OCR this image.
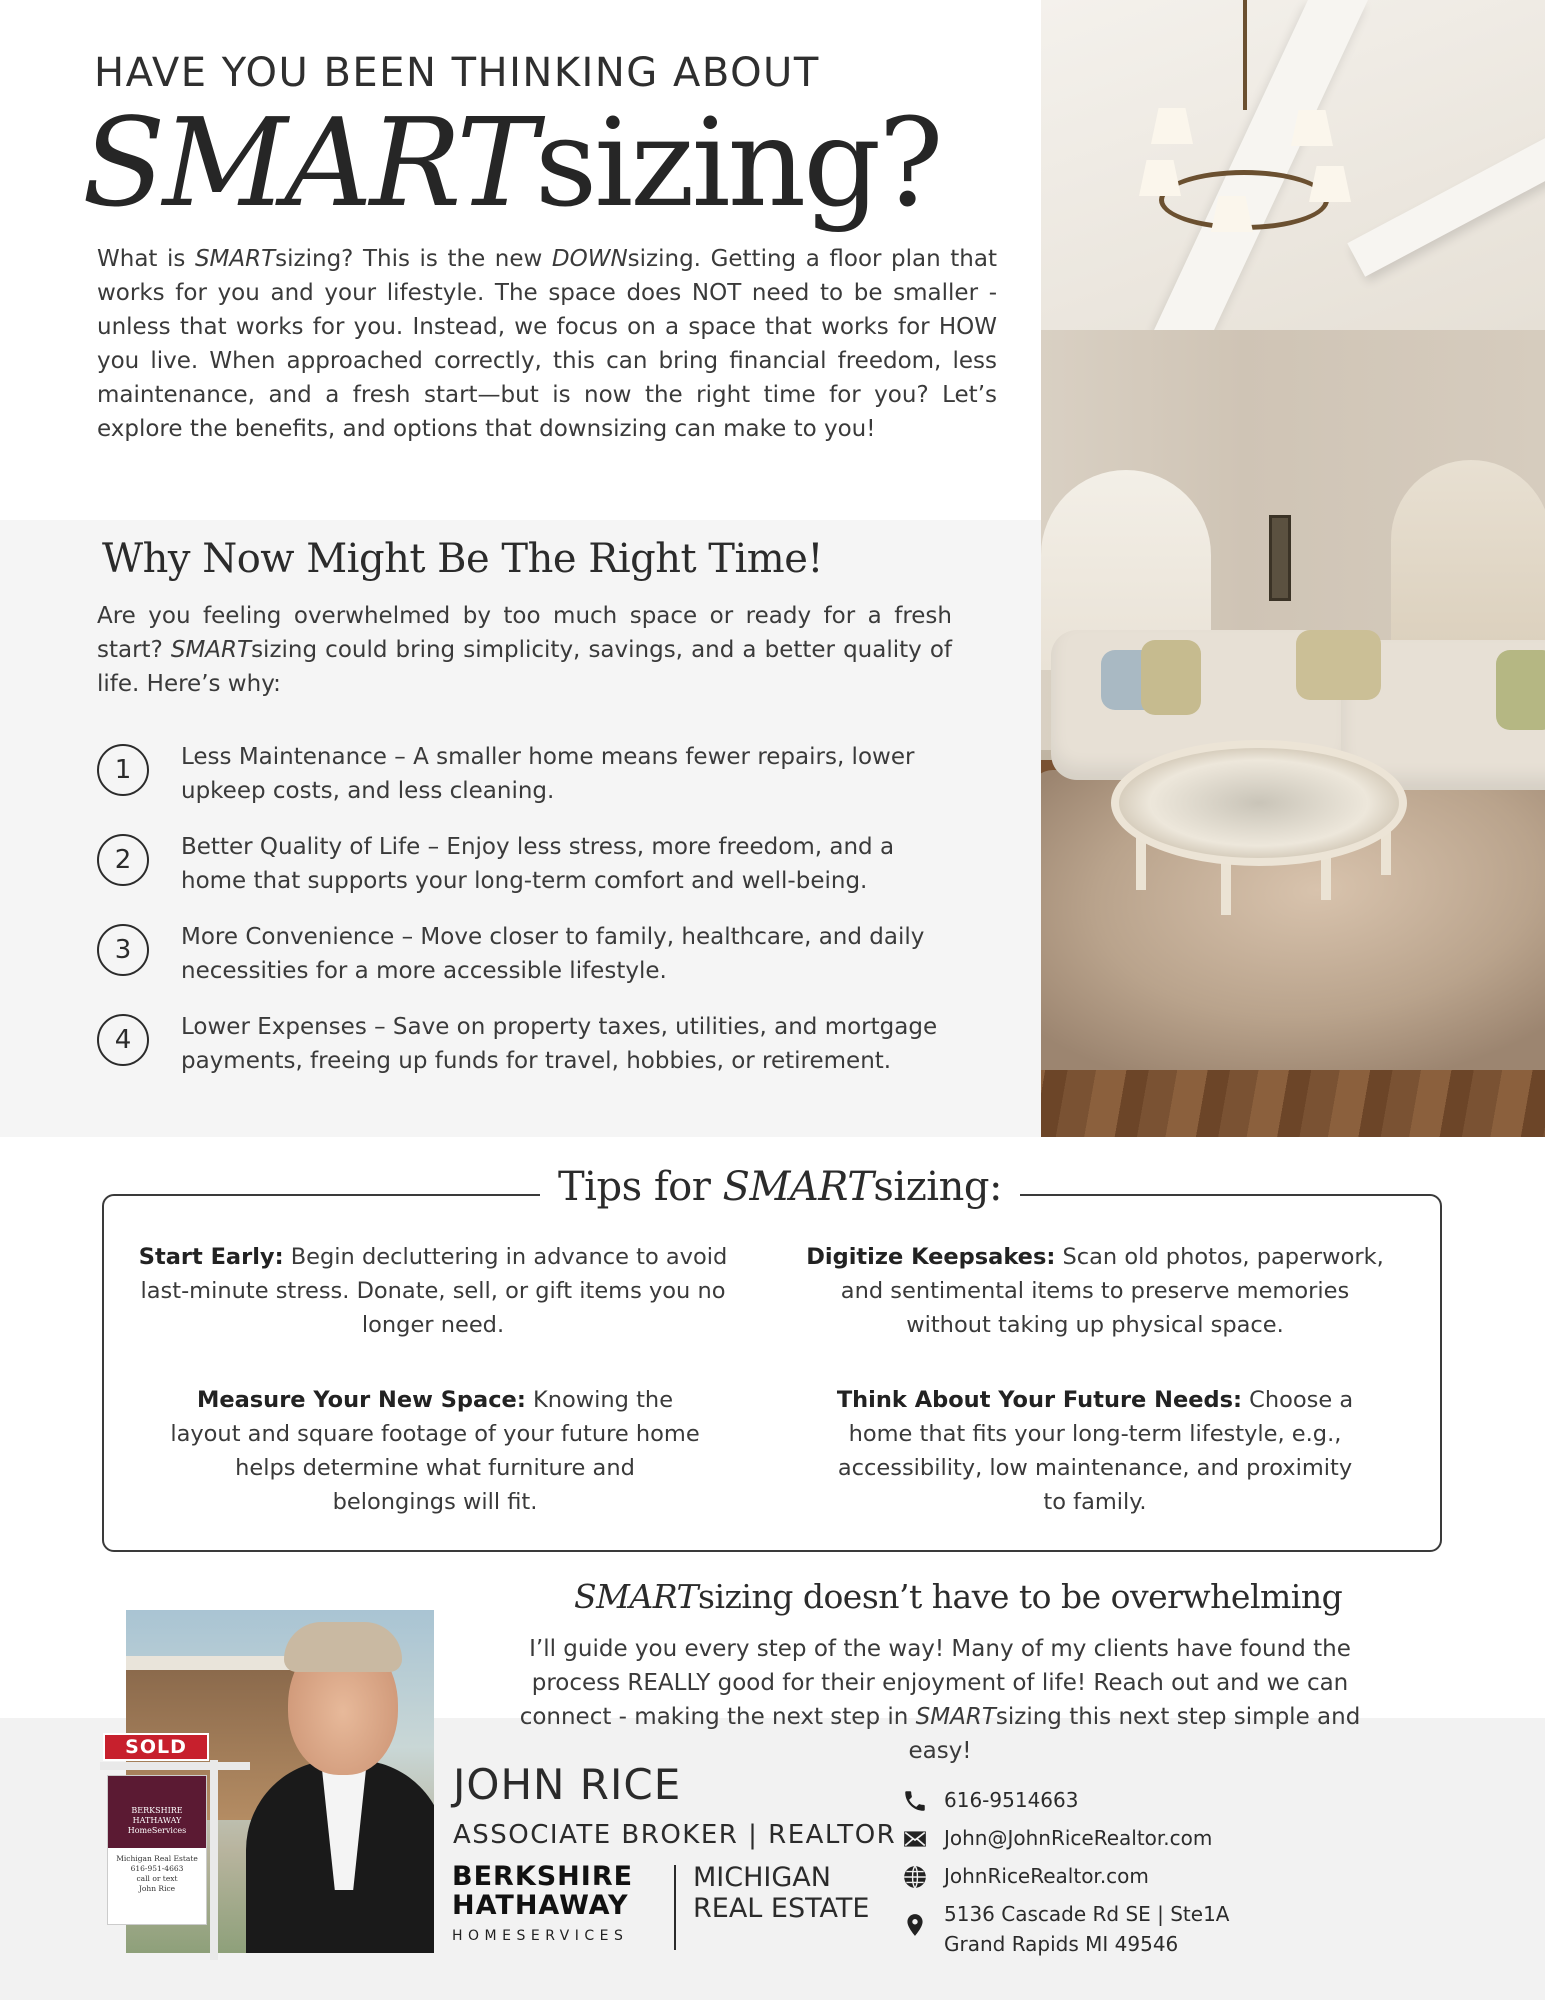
HAVE YOU BEEN THINKING ABOUT
SMARTsizing?
What is SMARTsizing? This is the new DOWNsizing. Getting a floor plan that works for you and your lifestyle. The space does NOT need to be smaller - unless that works for you. Instead, we focus on a space that works for HOW you live. When approached correctly, this can bring financial freedom, less maintenance, and a fresh start—but is now the right time for you? Let’s explore the benefits, and options that downsizing can make to you!
Why Now Might Be The Right Time!
Are you feeling overwhelmed by too much space or ready for a fresh start? SMARTsizing could bring simplicity, savings, and a better quality of life. Here’s why:
1	Less Maintenance – A smaller home means fewer repairs, lower upkeep costs, and less cleaning.
2	Better Quality of Life – Enjoy less stress, more freedom, and a home that supports your long-term comfort and well-being.
3	More Convenience – Move closer to family, healthcare, and daily necessities for a more accessible lifestyle.
4	Lower Expenses – Save on property taxes, utilities, and mortgage payments, freeing up funds for travel, hobbies, or retirement.
Tips for SMARTsizing:
Start Early: Begin decluttering in advance to avoid last-minute stress. Donate, sell, or gift items you no longer need.
Digitize Keepsakes: Scan old photos, paperwork, and sentimental items to preserve memories without taking up physical space.
Measure Your New Space: Knowing the layout and square footage of your future home helps determine what furniture and belongings will fit.
Think About Your Future Needs: Choose a home that fits your long-term lifestyle, e.g., accessibility, low maintenance, and proximity to family.
SMARTsizing doesn’t have to be overwhelming
I’ll guide you every step of the way! Many of my clients have found the process REALLY good for their enjoyment of life! Reach out and we can connect - making the next step in SMARTsizing this next step simple and easy!
SOLD
BERKSHIRE
HATHAWAY
HomeServices
Michigan Real Estate
616-951-4663
call or text
John Rice
JOHN RICE
ASSOCIATE BROKER | REALTOR
BERKSHIRE
HATHAWAY
HOMESERVICES
MICHIGAN
REAL ESTATE
616-9514663
John@JohnRiceRealtor.com
JohnRiceRealtor.com
5136 Cascade Rd SE | Ste1A
Grand Rapids MI 49546
